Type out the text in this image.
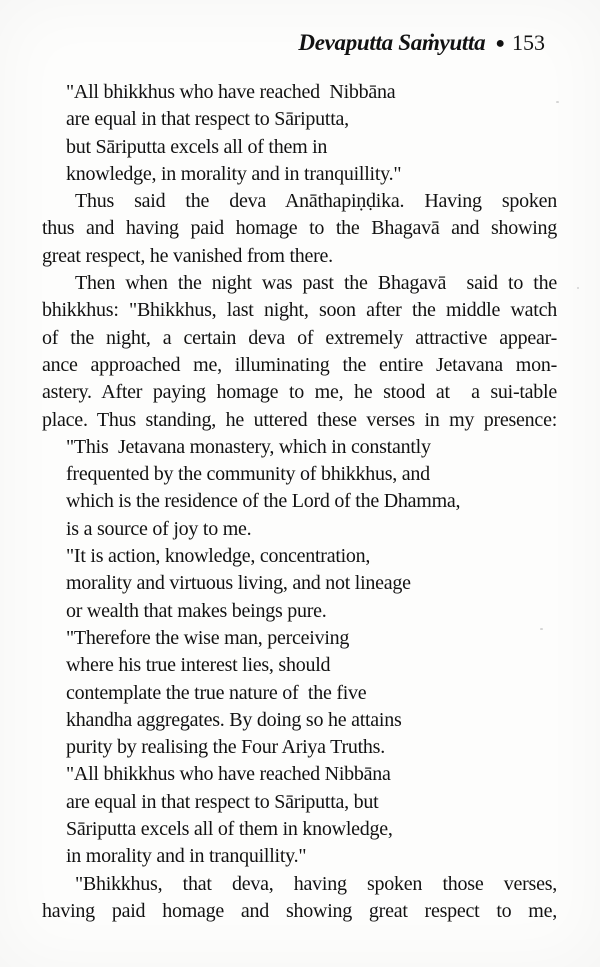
Devaputta Saṁyutta ● 153
"All bhikkhus who have reached  Nibbāna
are equal in that respect to Sāriputta,
but Sāriputta excels all of them in
knowledge, in morality and in tranquillity."
Thus said the deva Anāthapiṇḍika. Having spoken
thus and having paid homage to the Bhagavā and showing
great respect, he vanished from there.
Then when the night was past the Bhagavā  said to the
bhikkhus: "Bhikkhus, last night, soon after the middle watch
of the night, a certain deva of extremely attractive appear-
ance approached me, illuminating the entire Jetavana mon-
astery. After paying homage to me, he stood at  a sui-table
place. Thus standing, he uttered these verses in my presence:
"This  Jetavana monastery, which in constantly
frequented by the community of bhikkhus, and
which is the residence of the Lord of the Dhamma,
is a source of joy to me.
"It is action, knowledge, concentration,
morality and virtuous living, and not lineage
or wealth that makes beings pure.
"Therefore the wise man, perceiving
where his true interest lies, should
contemplate the true nature of  the five
khandha aggregates. By doing so he attains
purity by realising the Four Ariya Truths.
"All bhikkhus who have reached Nibbāna
are equal in that respect to Sāriputta, but
Sāriputta excels all of them in knowledge,
in morality and in tranquillity."
"Bhikkhus, that deva, having spoken those verses,
having paid homage and showing great respect to me,
